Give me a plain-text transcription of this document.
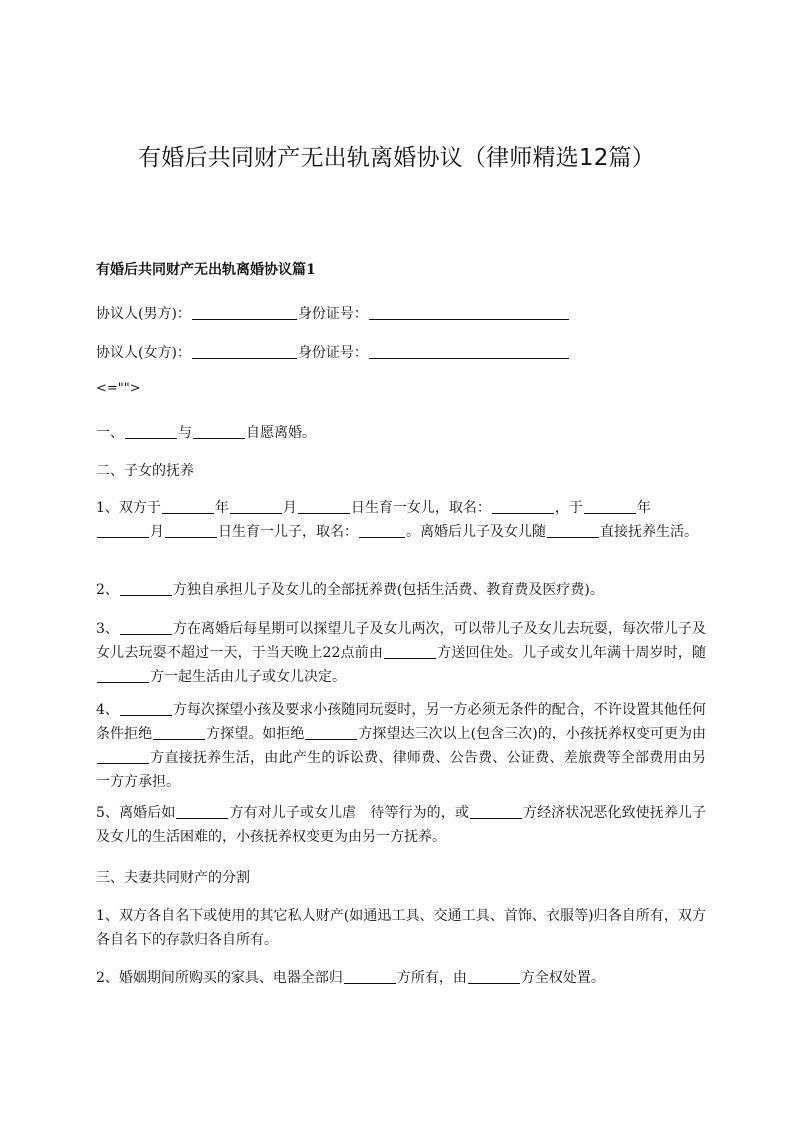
有婚后共同财产无出轨离婚协议（律师精选12篇）
有婚后共同财产无出轨离婚协议篇1

协议人(男方)：	身份证号：

协议人(女方)：	身份证号：

<="">

一、	与	自愿离婚。

二、子女的抚养

1、双方于	年	月	日生育一女儿，取名：	，于	年
月	日生育一儿子，取名：	。离婚后儿子及女儿随	直接抚养生活。

2、	方独自承担儿子及女儿的全部抚养费(包括生活费、教育费及医疗费)。

3、	方在离婚后每星期可以探望儿子及女儿两次，可以带儿子及女儿去玩耍，每次带儿子及女儿去玩耍不超过一天，于当天晚上22点前由	方送回住处。儿子或女儿年满十周岁时，随方一起生活由儿子或女儿决定。

4、	方每次探望小孩及要求小孩随同玩耍时，另一方必须无条件的配合，不许设置其他任何条件拒绝	方探望。如拒绝	方探望达三次以上(包含三次)的，小孩抚养权变可更为由方直接抚养生活，由此产生的诉讼费、律师费、公告费、公证费、差旅费等全部费用由另一方方承担。

5、离婚后如	方有对儿子或女儿虐　待等行为的，或	方经济状况恶化致使抚养儿子及女儿的生活困难的，小孩抚养权变更为由另一方抚养。

三、夫妻共同财产的分割

1、双方各自名下或使用的其它私人财产(如通迅工具、交通工具、首饰、衣服等)归各自所有，双方各自名下的存款归各自所有。

2、婚姻期间所购买的家具、电器全部归	方所有，由	方全权处置。
